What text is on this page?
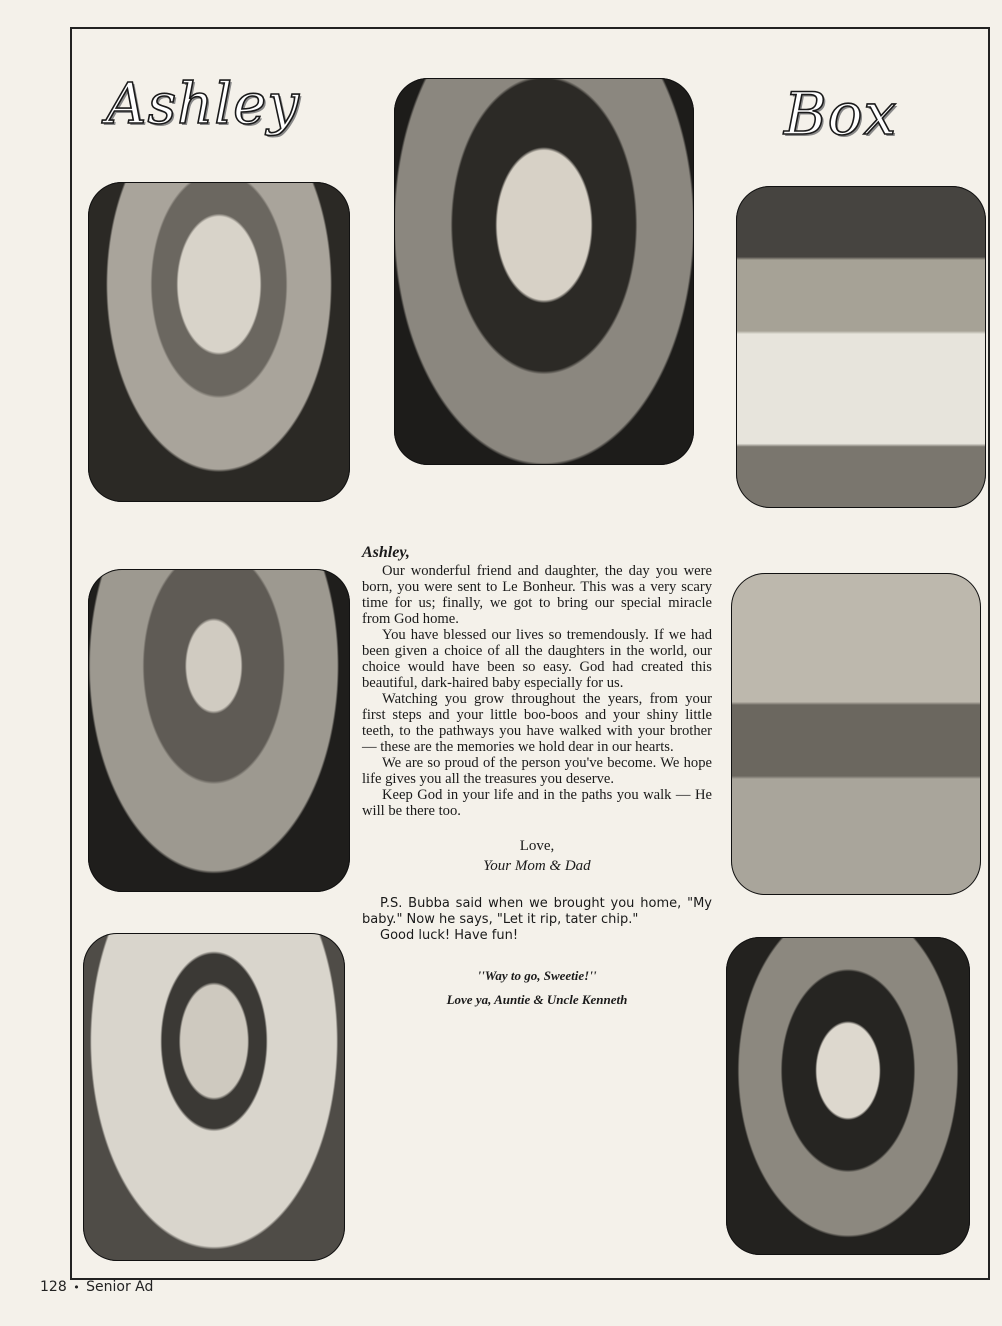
Ashley	Box
Ashley,

Our wonderful friend and daughter, the day you were born, you were sent to Le Bonheur. This was a very scary time for us; finally, we got to bring our special miracle from God home.

You have blessed our lives so tremendously. If we had been given a choice of all the daughters in the world, our choice would have been so easy. God had created this beautiful, dark-haired baby especially for us.

Watching you grow throughout the years, from your first steps and your little boo-boos and your shiny little teeth, to the pathways you have walked with your brother — these are the memories we hold dear in our hearts.

We are so proud of the person you've become. We hope life gives you all the treasures you deserve.

Keep God in your life and in the paths you walk — He will be there too.

Love,
Your Mom & Dad
P.S. Bubba said when we brought you home, "My baby." Now he says, "Let it rip, tater chip."
Good luck! Have fun!
''Way to go, Sweetie!''
Love ya, Auntie & Uncle Kenneth
128 • Senior Ad
